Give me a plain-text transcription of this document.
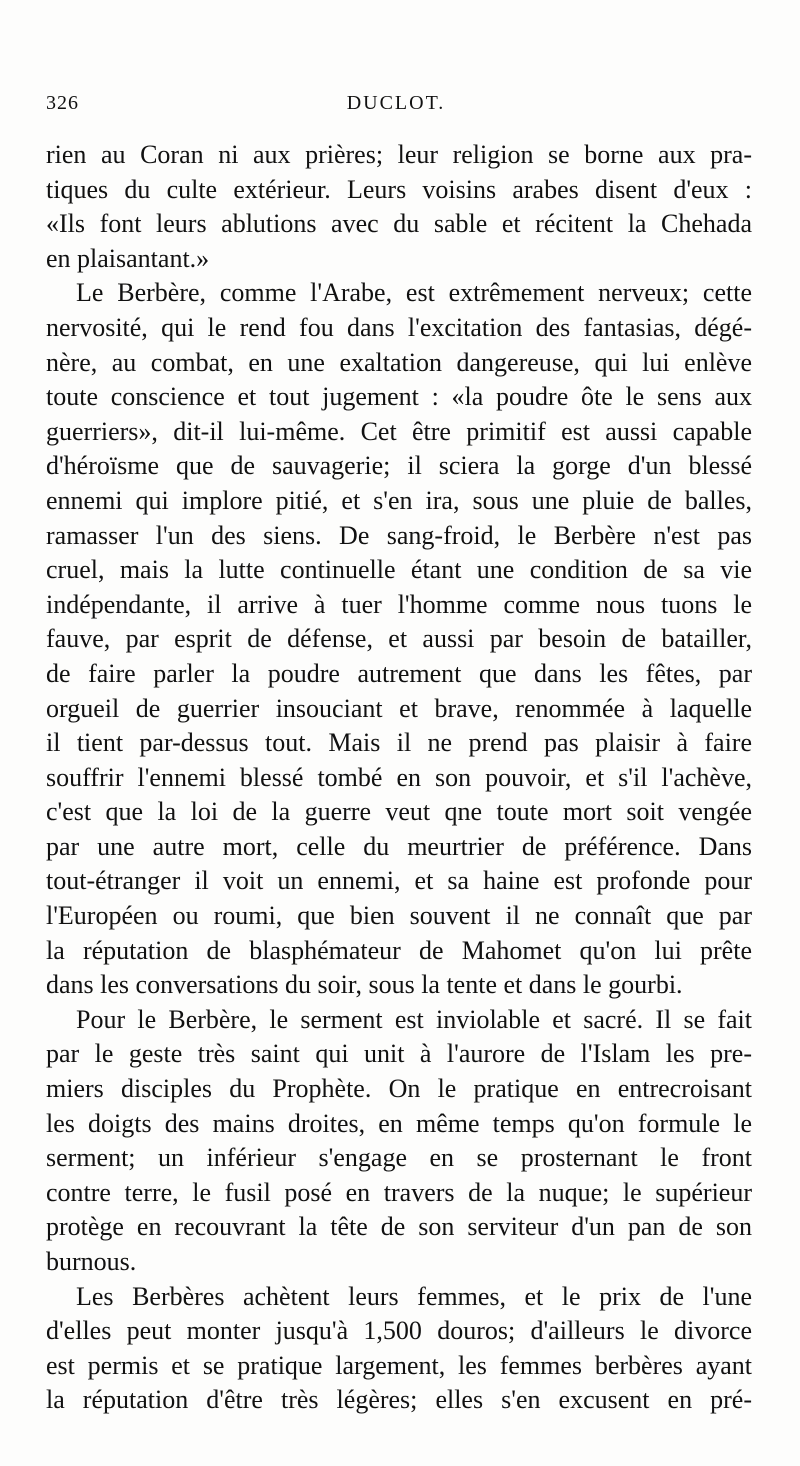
326	DUCLOT.
rien au Coran ni aux prières; leur religion se borne aux pra-
tiques du culte extérieur. Leurs voisins arabes disent d'eux :
«Ils font leurs ablutions avec du sable et récitent la Chehada
en plaisantant.»
Le Berbère, comme l'Arabe, est extrêmement nerveux; cette
nervosité, qui le rend fou dans l'excitation des fantasias, dégé-
nère, au combat, en une exaltation dangereuse, qui lui enlève
toute conscience et tout jugement : «la poudre ôte le sens aux
guerriers», dit-il lui-même. Cet être primitif est aussi capable
d'héroïsme que de sauvagerie; il sciera la gorge d'un blessé
ennemi qui implore pitié, et s'en ira, sous une pluie de balles,
ramasser l'un des siens. De sang-froid, le Berbère n'est pas
cruel, mais la lutte continuelle étant une condition de sa vie
indépendante, il arrive à tuer l'homme comme nous tuons le
fauve, par esprit de défense, et aussi par besoin de batailler,
de faire parler la poudre autrement que dans les fêtes, par
orgueil de guerrier insouciant et brave, renommée à laquelle
il tient par-dessus tout. Mais il ne prend pas plaisir à faire
souffrir l'ennemi blessé tombé en son pouvoir, et s'il l'achève,
c'est que la loi de la guerre veut qne toute mort soit vengée
par une autre mort, celle du meurtrier de préférence. Dans
tout-étranger il voit un ennemi, et sa haine est profonde pour
l'Européen ou roumi, que bien souvent il ne connaît que par
la réputation de blasphémateur de Mahomet qu'on lui prête
dans les conversations du soir, sous la tente et dans le gourbi.
Pour le Berbère, le serment est inviolable et sacré. Il se fait
par le geste très saint qui unit à l'aurore de l'Islam les pre-
miers disciples du Prophète. On le pratique en entrecroisant
les doigts des mains droites, en même temps qu'on formule le
serment; un inférieur s'engage en se prosternant le front
contre terre, le fusil posé en travers de la nuque; le supérieur
protège en recouvrant la tête de son serviteur d'un pan de son
burnous.
Les Berbères achètent leurs femmes, et le prix de l'une
d'elles peut monter jusqu'à 1,500 douros; d'ailleurs le divorce
est permis et se pratique largement, les femmes berbères ayant
la réputation d'être très légères; elles s'en excusent en pré-
